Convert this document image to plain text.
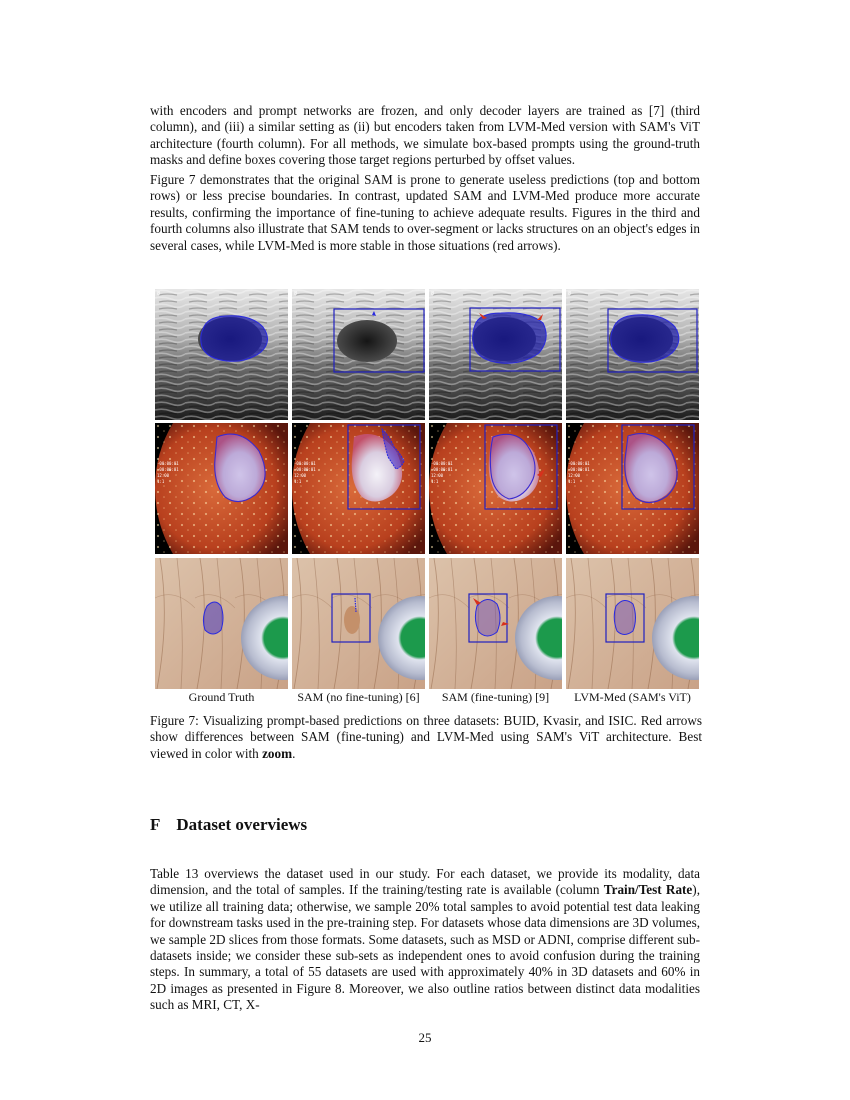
with encoders and prompt networks are frozen, and only decoder layers are trained as [7] (third column), and (iii) a similar setting as (ii) but encoders taken from LVM-Med version with SAM's ViT architecture (fourth column). For all methods, we simulate box-based prompts using the ground-truth masks and define boxes covering those target regions perturbed by offset values.

Figure 7 demonstrates that the original SAM is prone to generate useless predictions (top and bottom rows) or less precise boundaries. In contrast, updated SAM and LVM-Med produce more accurate results, confirming the importance of fine-tuning to achieve adequate results. Figures in the third and fourth columns also illustrate that SAM tends to over-segment or lacks structures on an object's edges in several cases, while LVM-Med is more stable in those situations (red arrows).

8	8	8	8
-00:00:01
-00:00:01
12:00
1:1
-00:00:01
-00:00:01
12:00
1:1
-00:00:01
-00:00:01
12:00
1:1
-00:00:01
-00:00:01
12:00
1:1
Ground Truth	SAM (no fine-tuning) [6]	SAM (fine-tuning) [9]	LVM-Med (SAM's ViT)

Figure 7: Visualizing prompt-based predictions on three datasets: BUID, Kvasir, and ISIC. Red arrows show differences between SAM (fine-tuning) and LVM-Med using SAM's ViT architecture. Best viewed in color with zoom.

F Dataset overviews

Table 13 overviews the dataset used in our study. For each dataset, we provide its modality, data dimension, and the total of samples. If the training/testing rate is available (column Train/Test Rate), we utilize all training data; otherwise, we sample 20% total samples to avoid potential test data leaking for downstream tasks used in the pre-training step. For datasets whose data dimensions are 3D volumes, we sample 2D slices from those formats. Some datasets, such as MSD or ADNI, comprise different sub-datasets inside; we consider these sub-sets as independent ones to avoid confusion during the training steps. In summary, a total of 55 datasets are used with approximately 40% in 3D datasets and 60% in 2D images as presented in Figure 8. Moreover, we also outline ratios between distinct data modalities such as MRI, CT, X-

25
